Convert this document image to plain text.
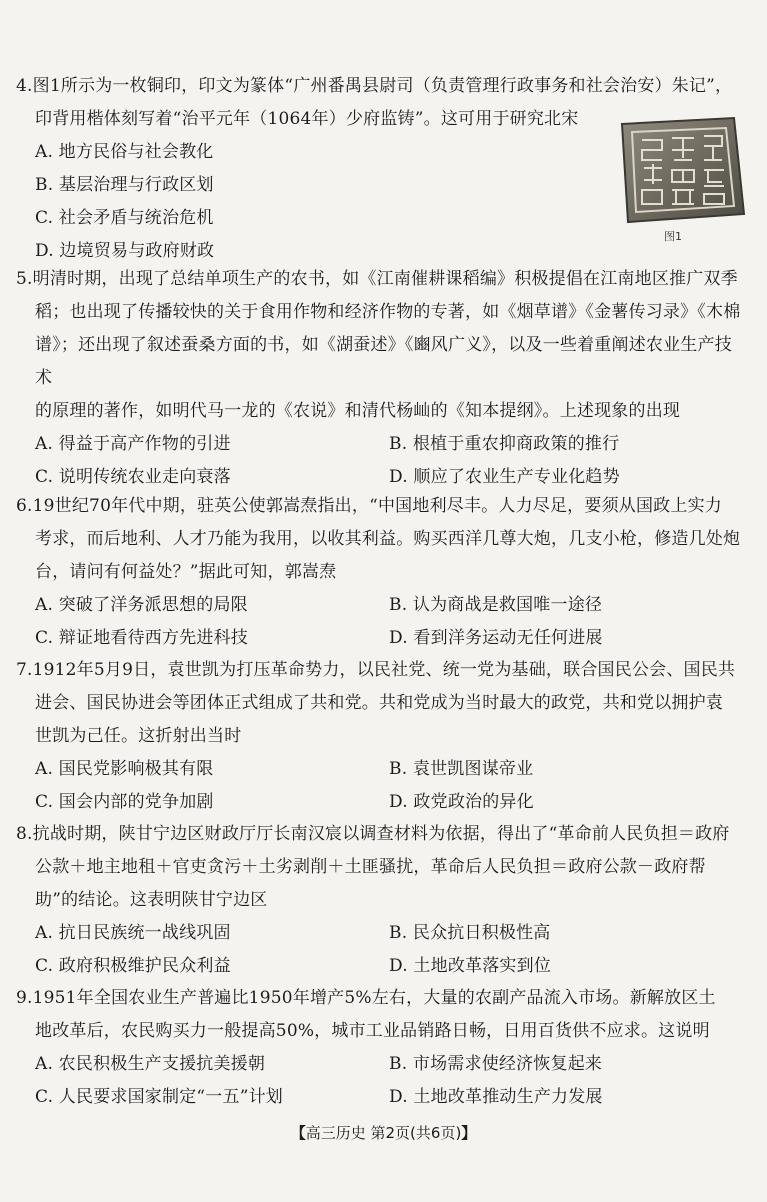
4.图1所示为一枚铜印，印文为篆体“广州番禺县尉司（负责管理行政事务和社会治安）朱记”，

印背用楷体刻写着“治平元年（1064年）少府监铸”。这可用于研究北宋

A. 地方民俗与社会教化
B. 基层治理与行政区划
C. 社会矛盾与统治危机
D. 边境贸易与政府财政
图1

5.明清时期，出现了总结单项生产的农书，如《江南催耕课稻编》积极提倡在江南地区推广双季

稻；也出现了传播较快的关于食用作物和经济作物的专著，如《烟草谱》《金薯传习录》《木棉

谱》；还出现了叙述蚕桑方面的书，如《湖蚕述》《豳风广义》，以及一些着重阐述农业生产技术

的原理的著作，如明代马一龙的《农说》和清代杨屾的《知本提纲》。上述现象的出现

A. 得益于高产作物的引进	B. 根植于重农抑商政策的推行
C. 说明传统农业走向衰落	D. 顺应了农业生产专业化趋势

6.19世纪70年代中期，驻英公使郭嵩焘指出，“中国地利尽丰。人力尽足，要须从国政上实力

考求，而后地利、人才乃能为我用，以收其利益。购买西洋几尊大炮，几支小枪，修造几处炮

台，请问有何益处？”据此可知，郭嵩焘

A. 突破了洋务派思想的局限	B. 认为商战是救国唯一途径
C. 辩证地看待西方先进科技	D. 看到洋务运动无任何进展

7.1912年5月9日，袁世凯为打压革命势力，以民社党、统一党为基础，联合国民公会、国民共

进会、国民协进会等团体正式组成了共和党。共和党成为当时最大的政党，共和党以拥护袁

世凯为己任。这折射出当时

A. 国民党影响极其有限	B. 袁世凯图谋帝业
C. 国会内部的党争加剧	D. 政党政治的异化

8.抗战时期，陕甘宁边区财政厅厅长南汉宸以调查材料为依据，得出了“革命前人民负担＝政府

公款＋地主地租＋官吏贪污＋土劣剥削＋土匪骚扰，革命后人民负担＝政府公款－政府帮

助”的结论。这表明陕甘宁边区

A. 抗日民族统一战线巩固	B. 民众抗日积极性高
C. 政府积极维护民众利益	D. 土地改革落实到位

9.1951年全国农业生产普遍比1950年增产5%左右，大量的农副产品流入市场。新解放区土

地改革后，农民购买力一般提高50%，城市工业品销路日畅，日用百货供不应求。这说明

A. 农民积极生产支援抗美援朝	B. 市场需求使经济恢复起来
C. 人民要求国家制定“一五”计划	D. 土地改革推动生产力发展
【高三历史 第2页(共6页)】
